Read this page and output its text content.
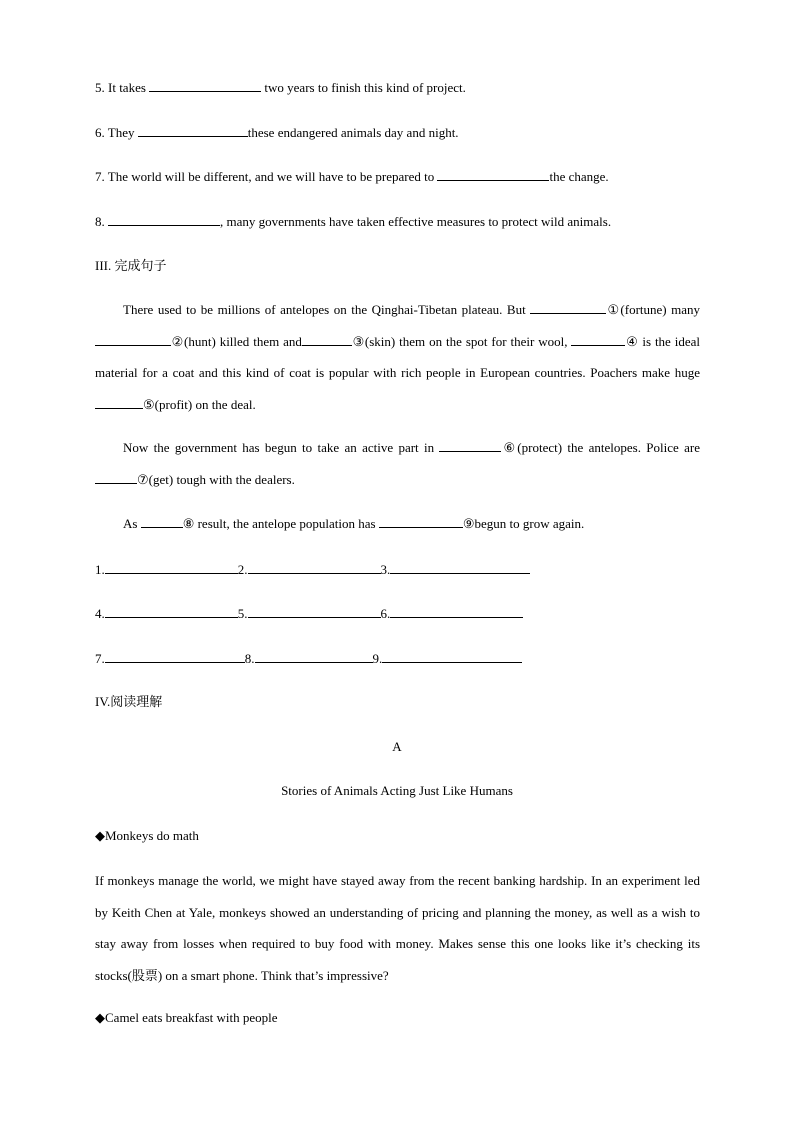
5. It takes	two years to finish this kind of project.
6. They	these endangered animals day and night.
7. The world will be different, and we will have to be prepared to	the change.
8.	, many governments have taken effective measures to protect wild animals.
III. 完成句子
There used to be millions of antelopes on the Qinghai-Tibetan plateau. But	①(fortune) many②(hunt) killed them and	③(skin) them on the spot for their wool,	④ is the ideal material for a coat and this kind of coat is popular with rich people in European countries. Poachers make huge ⑤(profit) on the deal.
Now the government has begun to take an active part in	⑥(protect) the antelopes. Police are ⑦(get) tough with the dealers.
As	⑧ result, the antelope population has	⑨begun to grow again.
1.	2.	3.
4.	5.	6.
7.	8.	9.
IV.阅读理解
A
Stories of Animals Acting Just Like Humans
◆Monkeys do math
If monkeys manage the world, we might have stayed away from the recent banking hardship. In an experiment led by Keith Chen at Yale, monkeys showed an understanding of pricing and planning the money, as well as a wish to stay away from losses when required to buy food with money. Makes sense this one looks like it’s checking its stocks(股票) on a smart phone. Think that’s impressive?
◆Camel eats breakfast with people
